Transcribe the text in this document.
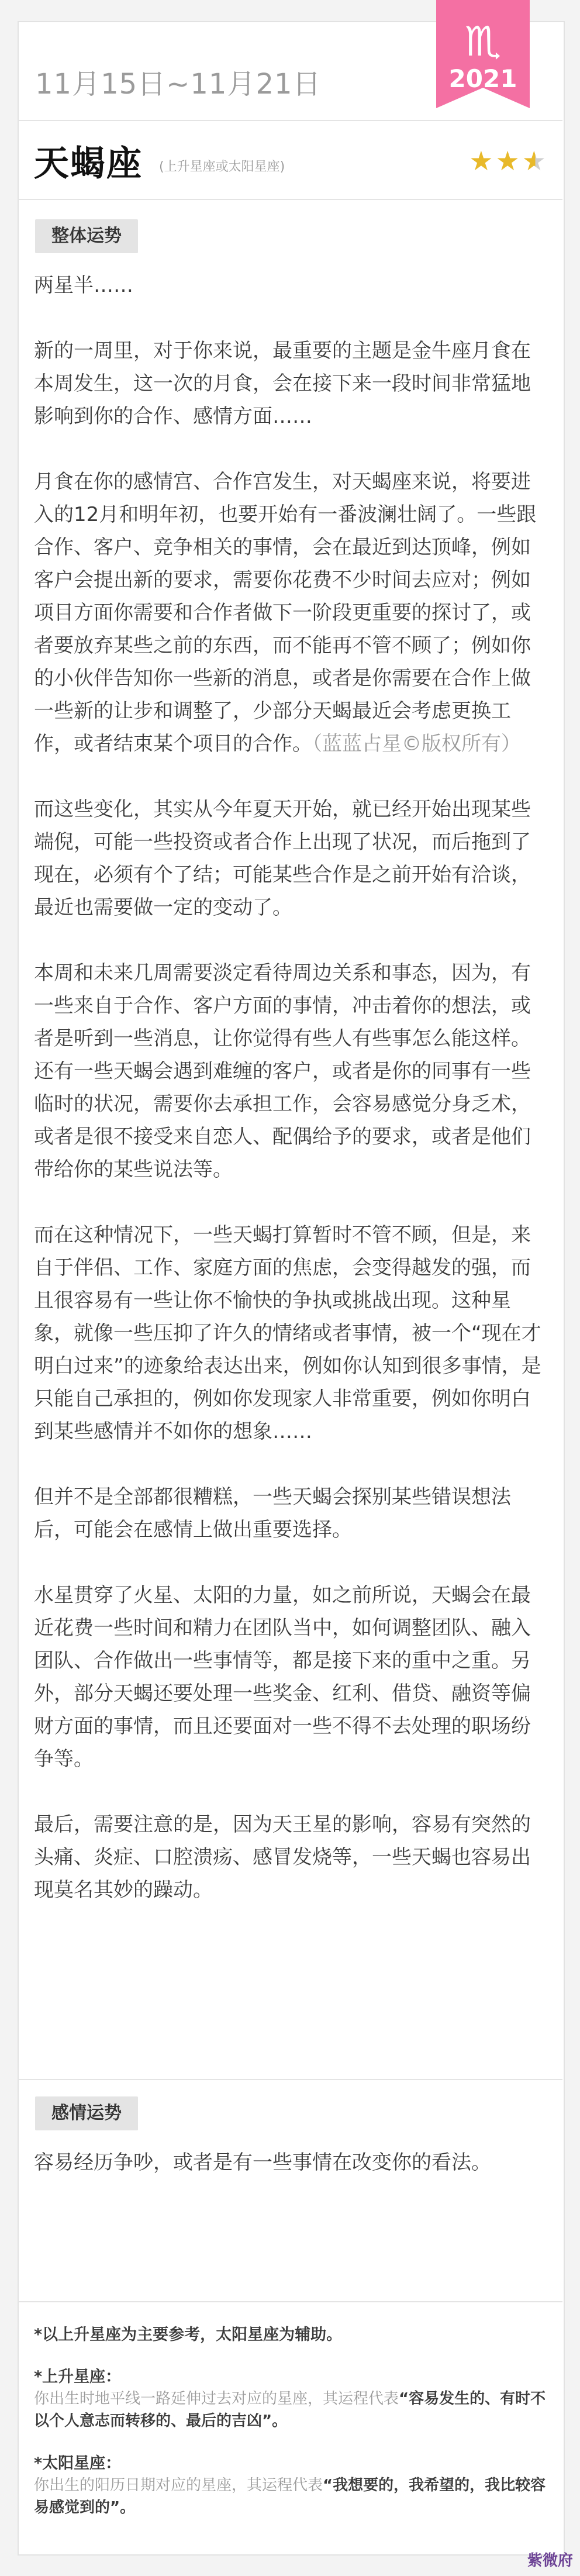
♏
2021
11月15日~11月21日
天蝎座 (上升星座或太阳星座)	★★★
整体运势

两星半……

新的一周里，对于你来说，最重要的主题是金牛座月食在本周发生，这一次的月食，会在接下来一段时间非常猛地影响到你的合作、感情方面……

月食在你的感情宫、合作宫发生，对天蝎座来说，将要进入的12月和明年初，也要开始有一番波澜壮阔了。一些跟合作、客户、竞争相关的事情，会在最近到达顶峰，例如客户会提出新的要求，需要你花费不少时间去应对；例如项目方面你需要和合作者做下一阶段更重要的探讨了，或者要放弃某些之前的东西，而不能再不管不顾了；例如你的小伙伴告知你一些新的消息，或者是你需要在合作上做一些新的让步和调整了，少部分天蝎最近会考虑更换工作，或者结束某个项目的合作。（蓝蓝占星©版权所有）

而这些变化，其实从今年夏天开始，就已经开始出现某些端倪，可能一些投资或者合作上出现了状况，而后拖到了现在，必须有个了结；可能某些合作是之前开始有洽谈，最近也需要做一定的变动了。

本周和未来几周需要淡定看待周边关系和事态，因为，有一些来自于合作、客户方面的事情，冲击着你的想法，或者是听到一些消息，让你觉得有些人有些事怎么能这样。还有一些天蝎会遇到难缠的客户，或者是你的同事有一些临时的状况，需要你去承担工作，会容易感觉分身乏术，或者是很不接受来自恋人、配偶给予的要求，或者是他们带给你的某些说法等。

而在这种情况下，一些天蝎打算暂时不管不顾，但是，来自于伴侣、工作、家庭方面的焦虑，会变得越发的强，而且很容易有一些让你不愉快的争执或挑战出现。这种星象，就像一些压抑了许久的情绪或者事情，被一个“现在才明白过来”的迹象给表达出来，例如你认知到很多事情，是只能自己承担的，例如你发现家人非常重要，例如你明白到某些感情并不如你的想象……

但并不是全部都很糟糕，一些天蝎会探别某些错误想法后，可能会在感情上做出重要选择。

水星贯穿了火星、太阳的力量，如之前所说，天蝎会在最近花费一些时间和精力在团队当中，如何调整团队、融入团队、合作做出一些事情等，都是接下来的重中之重。另外，部分天蝎还要处理一些奖金、红利、借贷、融资等偏财方面的事情，而且还要面对一些不得不去处理的职场纷争等。

最后，需要注意的是，因为天王星的影响，容易有突然的头痛、炎症、口腔溃疡、感冒发烧等，一些天蝎也容易出现莫名其妙的躁动。

感情运势

容易经历争吵，或者是有一些事情在改变你的看法。

*以上升星座为主要参考，太阳星座为辅助。
*上升星座：
你出生时地平线一路延伸过去对应的星座，其运程代表“容易发生的、有时不以个人意志而转移的、最后的吉凶”。
*太阳星座：
你出生的阳历日期对应的星座，其运程代表“我想要的，我希望的，我比较容易感觉到的”。
紫微府
